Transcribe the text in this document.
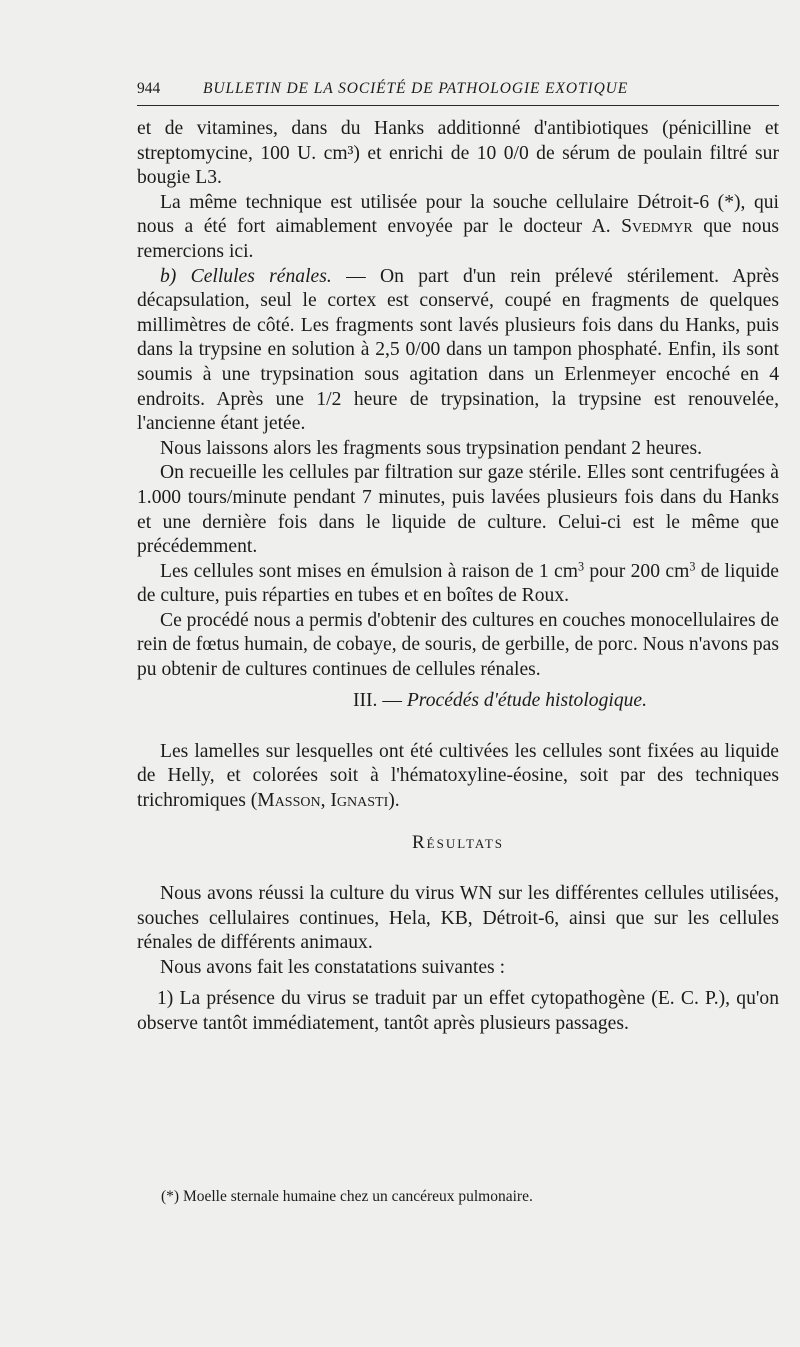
944	BULLETIN DE LA SOCIÉTÉ DE PATHOLOGIE EXOTIQUE

et de vitamines, dans du Hanks additionné d'antibiotiques (pénicilline et streptomycine, 100 U. cm³) et enrichi de 10 0/0 de sérum de poulain filtré sur bougie L3.

La même technique est utilisée pour la souche cellulaire Détroit-6 (*), qui nous a été fort aimablement envoyée par le docteur A. Svedmyr que nous remercions ici.

b) Cellules rénales. — On part d'un rein prélevé stérilement. Après décapsulation, seul le cortex est conservé, coupé en fragments de quelques millimètres de côté. Les fragments sont lavés plusieurs fois dans du Hanks, puis dans la trypsine en solution à 2,5 0/00 dans un tampon phosphaté. Enfin, ils sont soumis à une trypsination sous agitation dans un Erlenmeyer encoché en 4 endroits. Après une 1/2 heure de trypsination, la trypsine est renouvelée, l'ancienne étant jetée.

Nous laissons alors les fragments sous trypsination pendant 2 heures.

On recueille les cellules par filtration sur gaze stérile. Elles sont centrifugées à 1.000 tours/minute pendant 7 minutes, puis lavées plusieurs fois dans du Hanks et une dernière fois dans le liquide de culture. Celui-ci est le même que précédemment.

Les cellules sont mises en émulsion à raison de 1 $cm^3$ pour 200 $cm^3$ de liquide de culture, puis réparties en tubes et en boîtes de Roux.

Ce procédé nous a permis d'obtenir des cultures en couches monocellulaires de rein de fœtus humain, de cobaye, de souris, de gerbille, de porc. Nous n'avons pas pu obtenir de cultures continues de cellules rénales.

III. — Procédés d'étude histologique.

Les lamelles sur lesquelles ont été cultivées les cellules sont fixées au liquide de Helly, et colorées soit à l'hématoxyline-éosine, soit par des techniques trichromiques (Masson, Ignasti).

Résultats

Nous avons réussi la culture du virus WN sur les différentes cellules utilisées, souches cellulaires continues, Hela, KB, Détroit-6, ainsi que sur les cellules rénales de différents animaux.

Nous avons fait les constatations suivantes :

1) La présence du virus se traduit par un effet cytopathogène (E. C. P.), qu'on observe tantôt immédiatement, tantôt après plusieurs passages.

(*) Moelle sternale humaine chez un cancéreux pulmonaire.
